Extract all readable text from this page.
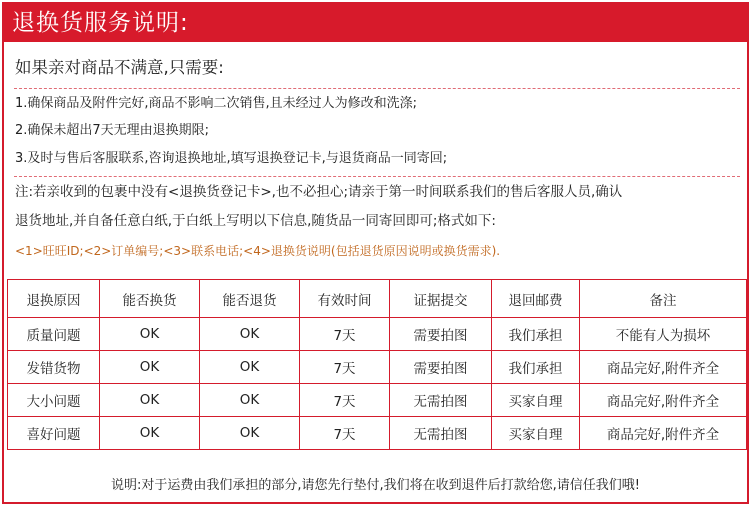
退换货服务说明:
如果亲对商品不满意,只需要:
1.确保商品及附件完好,商品不影响二次销售,且未经过人为修改和洗涤;
2.确保未超出7天无理由退换期限;
3.及时与售后客服联系,咨询退换地址,填写退换登记卡,与退货商品一同寄回;
注:若亲收到的包裹中没有<退换货登记卡>,也不必担心;请亲于第一时间联系我们的售后客服人员,确认
退货地址,并自备任意白纸,于白纸上写明以下信息,随货品一同寄回即可;格式如下:
<1>旺旺ID;<2>订单编号;<3>联系电话;<4>退换货说明(包括退货原因说明或换货需求).
退换原因	能否换货	能否退货	有效时间	证据提交	退回邮费	备注
质量问题	OK	OK	7天	需要拍图	我们承担	不能有人为损坏
发错货物	OK	OK	7天	需要拍图	我们承担	商品完好,附件齐全
大小问题	OK	OK	7天	无需拍图	买家自理	商品完好,附件齐全
喜好问题	OK	OK	7天	无需拍图	买家自理	商品完好,附件齐全
说明:对于运费由我们承担的部分,请您先行垫付,我们将在收到退件后打款给您,请信任我们哦!
